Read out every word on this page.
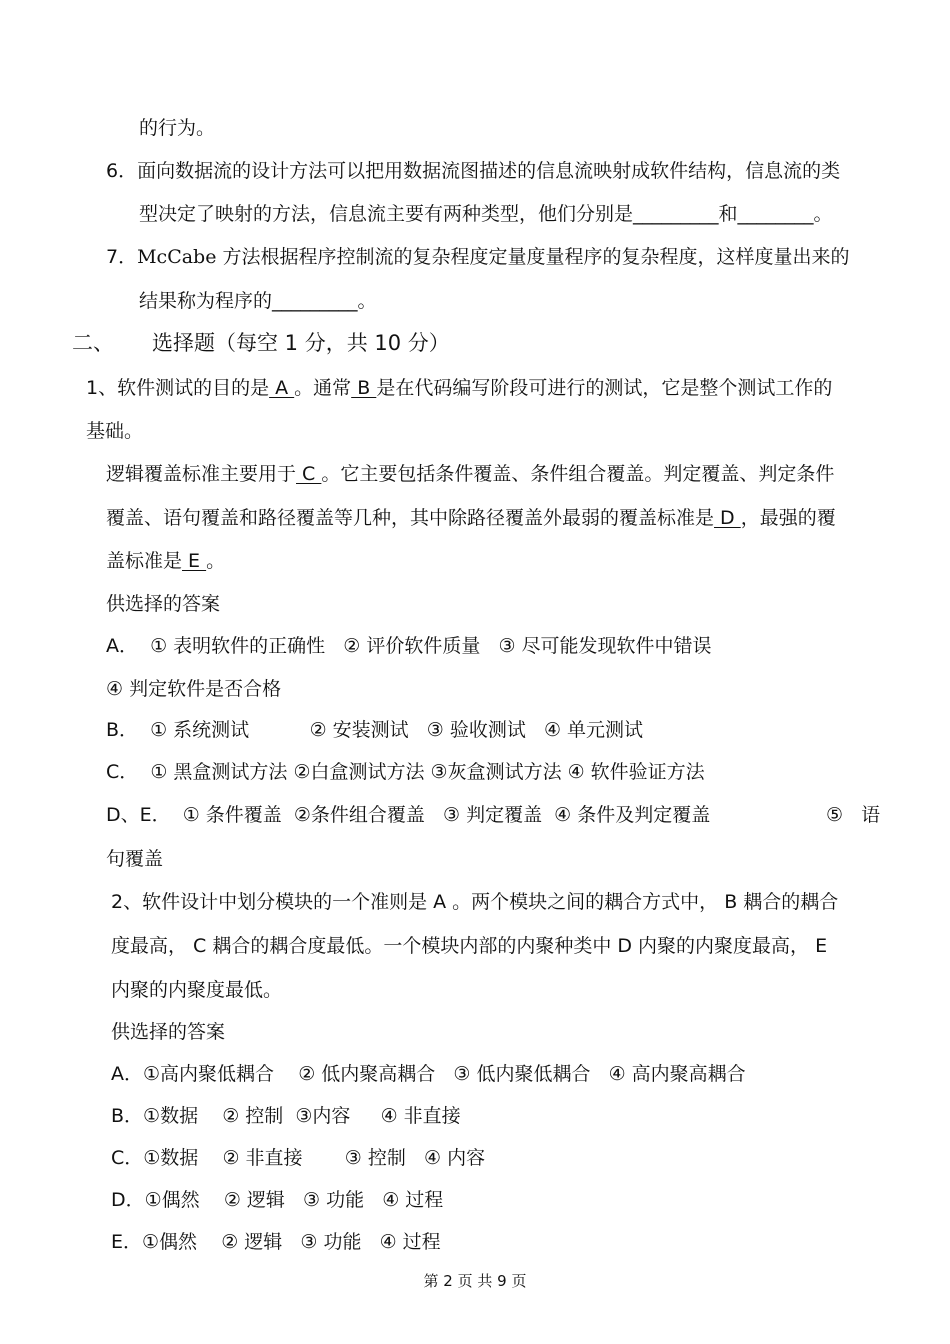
的行为。
6．面向数据流的设计方法可以把用数据流图描述的信息流映射成软件结构，信息流的类
型决定了映射的方法，信息流主要有两种类型，他们分别是_________和________。
7．McCabe 方法根据程序控制流的复杂程度定量度量程序的复杂程度，这样度量出来的
结果称为程序的_________。
二、 选择题（每空 1 分，共 10 分）
1、软件测试的目的是 A 。通常 B 是在代码编写阶段可进行的测试，它是整个测试工作的
基础。
逻辑覆盖标准主要用于 C 。它主要包括条件覆盖、条件组合覆盖。判定覆盖、判定条件
覆盖、语句覆盖和路径覆盖等几种，其中除路径覆盖外最弱的覆盖标准是 D ，最强的覆
盖标准是 E 。
供选择的答案
A．  ① 表明软件的正确性   ② 评价软件质量   ③ 尽可能发现软件中错误
④ 判定软件是否合格
B．  ① 系统测试          ② 安装测试   ③ 验收测试   ④ 单元测试
C．  ① 黑盒测试方法 ②白盒测试方法 ③灰盒测试方法 ④ 软件验证方法
D、E．  ① 条件覆盖  ②条件组合覆盖   ③ 判定覆盖  ④ 条件及判定覆盖	⑤   语
句覆盖
2、软件设计中划分模块的一个准则是 A 。两个模块之间的耦合方式中， B 耦合的耦合
度最高， C 耦合的耦合度最低。一个模块内部的内聚种类中 D 内聚的内聚度最高， E
内聚的内聚度最低。
供选择的答案
A．①高内聚低耦合    ② 低内聚高耦合   ③ 低内聚低耦合   ④ 高内聚高耦合
B．①数据    ② 控制  ③内容     ④ 非直接
C．①数据    ② 非直接       ③ 控制   ④ 内容
D．①偶然    ② 逻辑   ③ 功能   ④ 过程
E．①偶然    ② 逻辑   ③ 功能   ④ 过程
第 2 页 共 9 页
